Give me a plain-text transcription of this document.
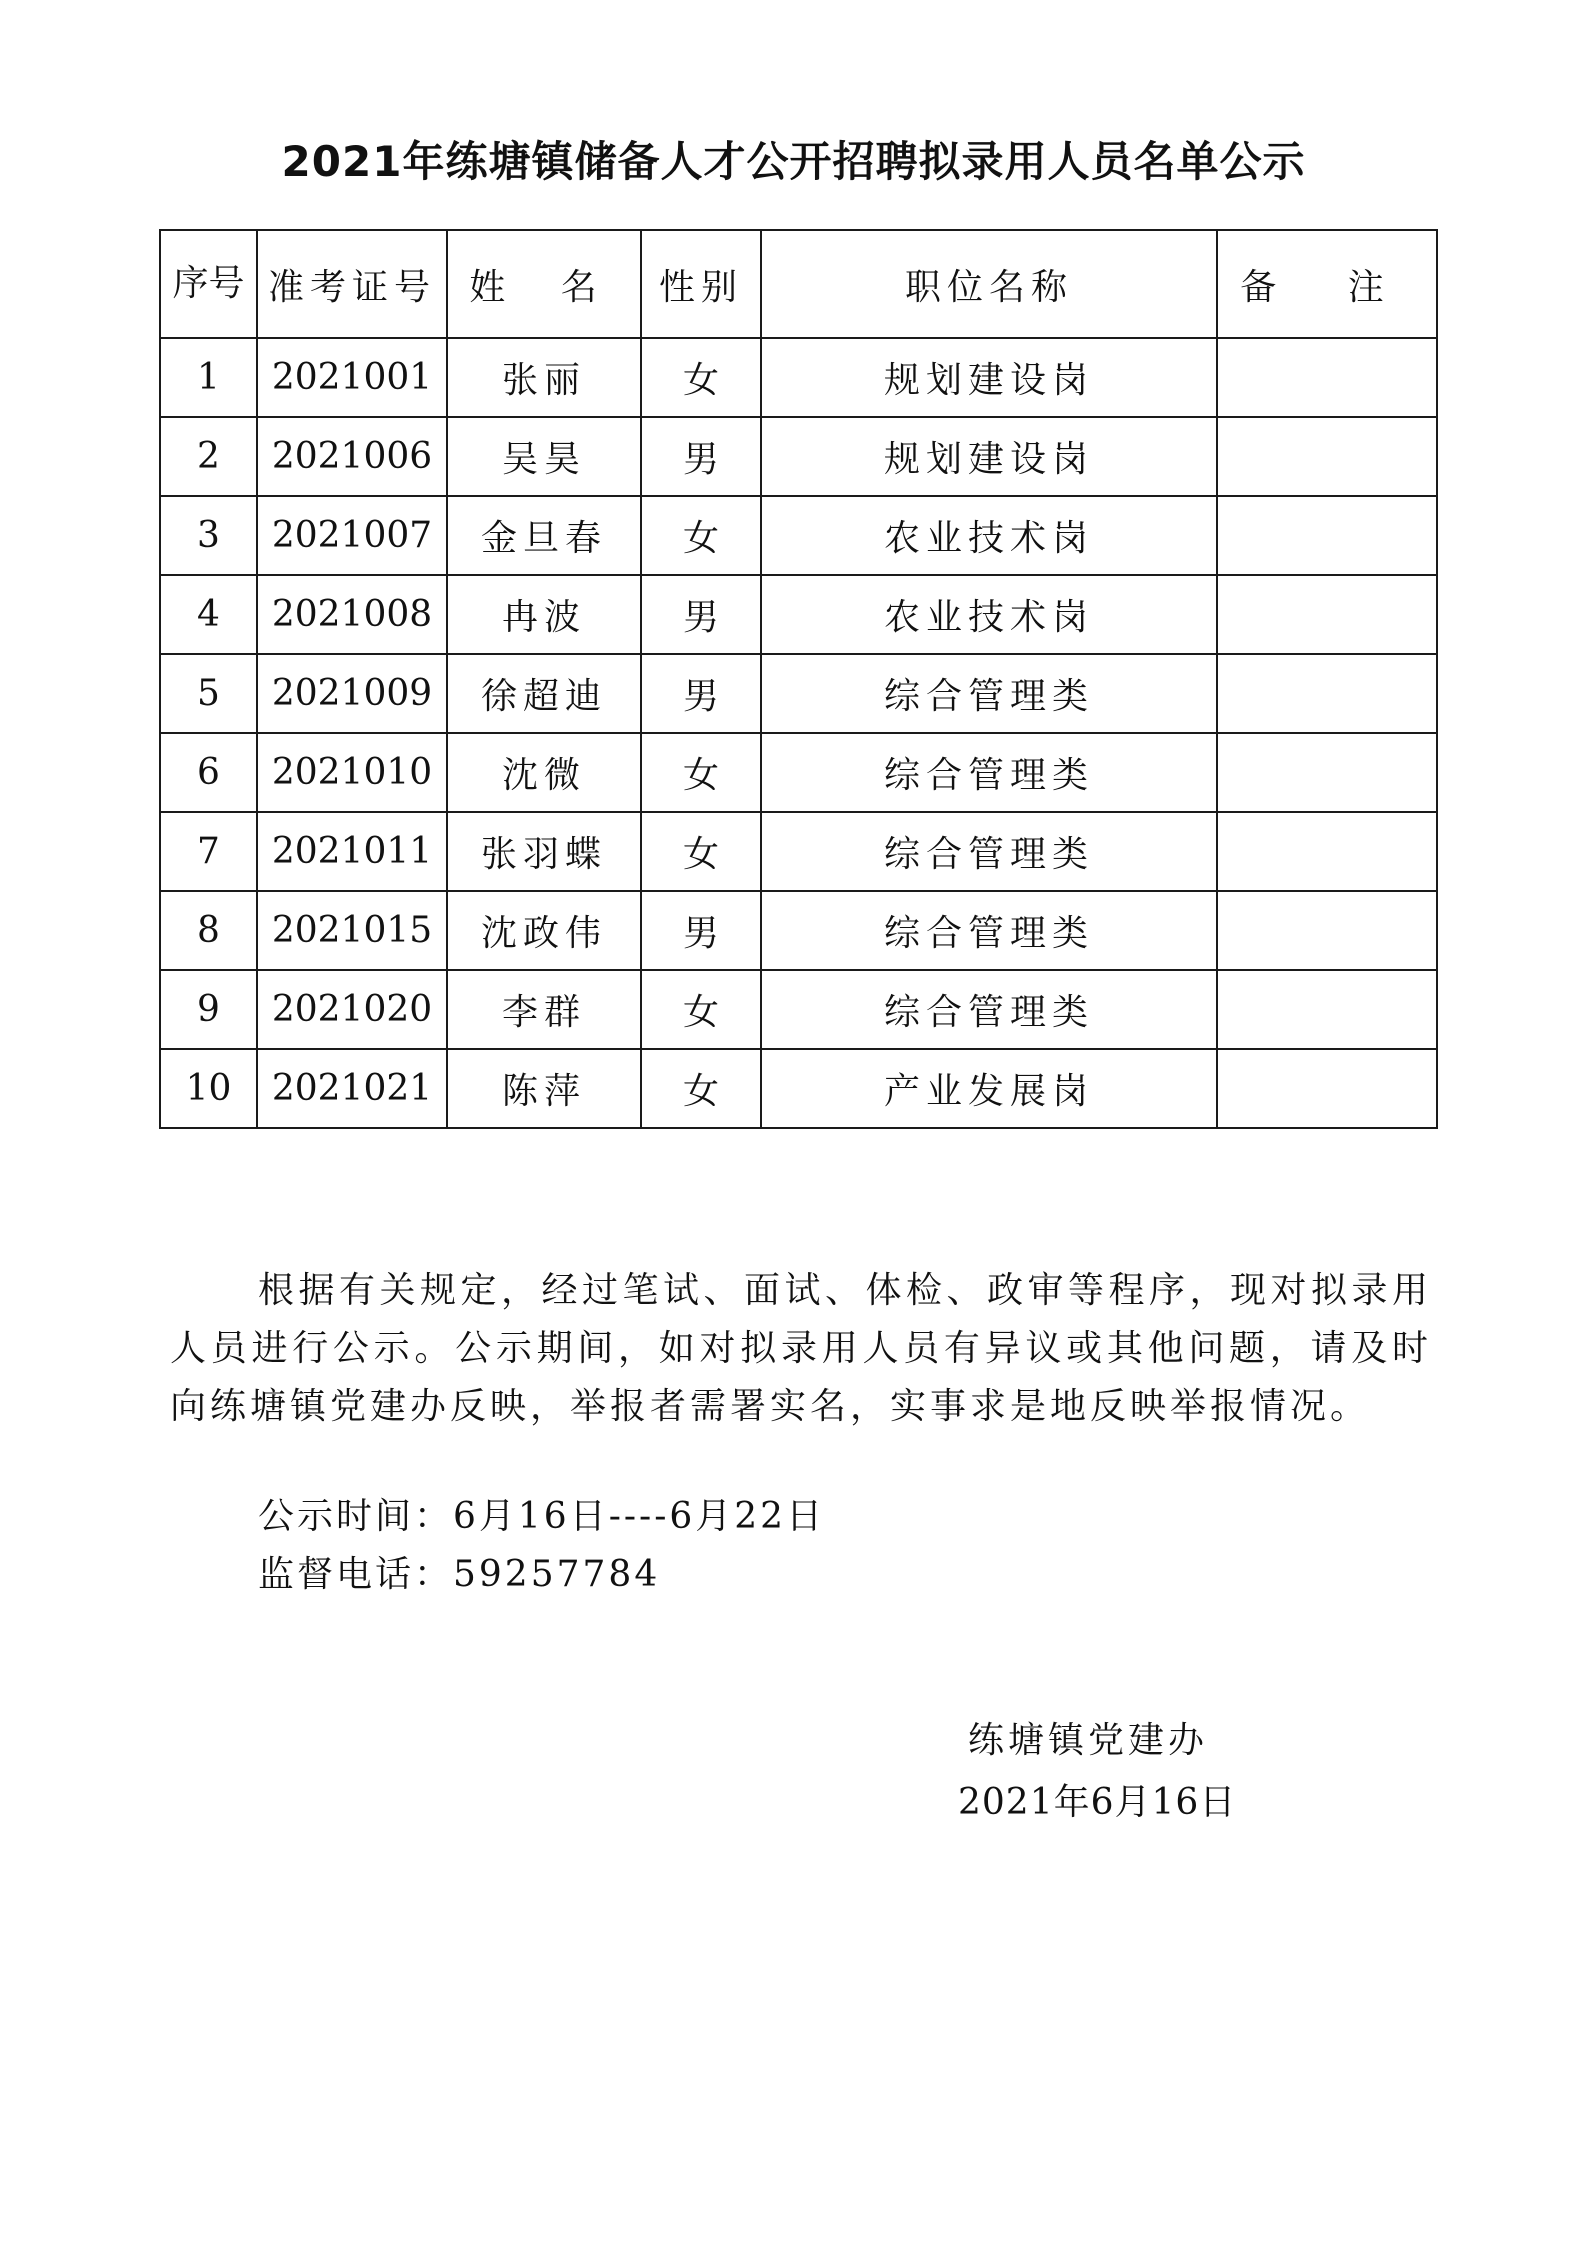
2021年练塘镇储备人才公开招聘拟录用人员名单公示
序号	准考证号	姓 名	性别	职位名称	备 注
1	2021001	张丽	女	规划建设岗	
2	2021006	吴昊	男	规划建设岗	
3	2021007	金旦春	女	农业技术岗	
4	2021008	冉波	男	农业技术岗	
5	2021009	徐超迪	男	综合管理类	
6	2021010	沈微	女	综合管理类	
7	2021011	张羽蝶	女	综合管理类	
8	2021015	沈政伟	男	综合管理类	
9	2021020	李群	女	综合管理类	
10	2021021	陈萍	女	产业发展岗	

根据有关规定，经过笔试、面试、体检、政审等程序，现对拟录用人员进行公示。公示期间，如对拟录用人员有异议或其他问题，请及时向练塘镇党建办反映，举报者需署实名，实事求是地反映举报情况。

公示时间：6月16日----6月22日
监督电话：59257784
练塘镇党建办
2021年6月16日
